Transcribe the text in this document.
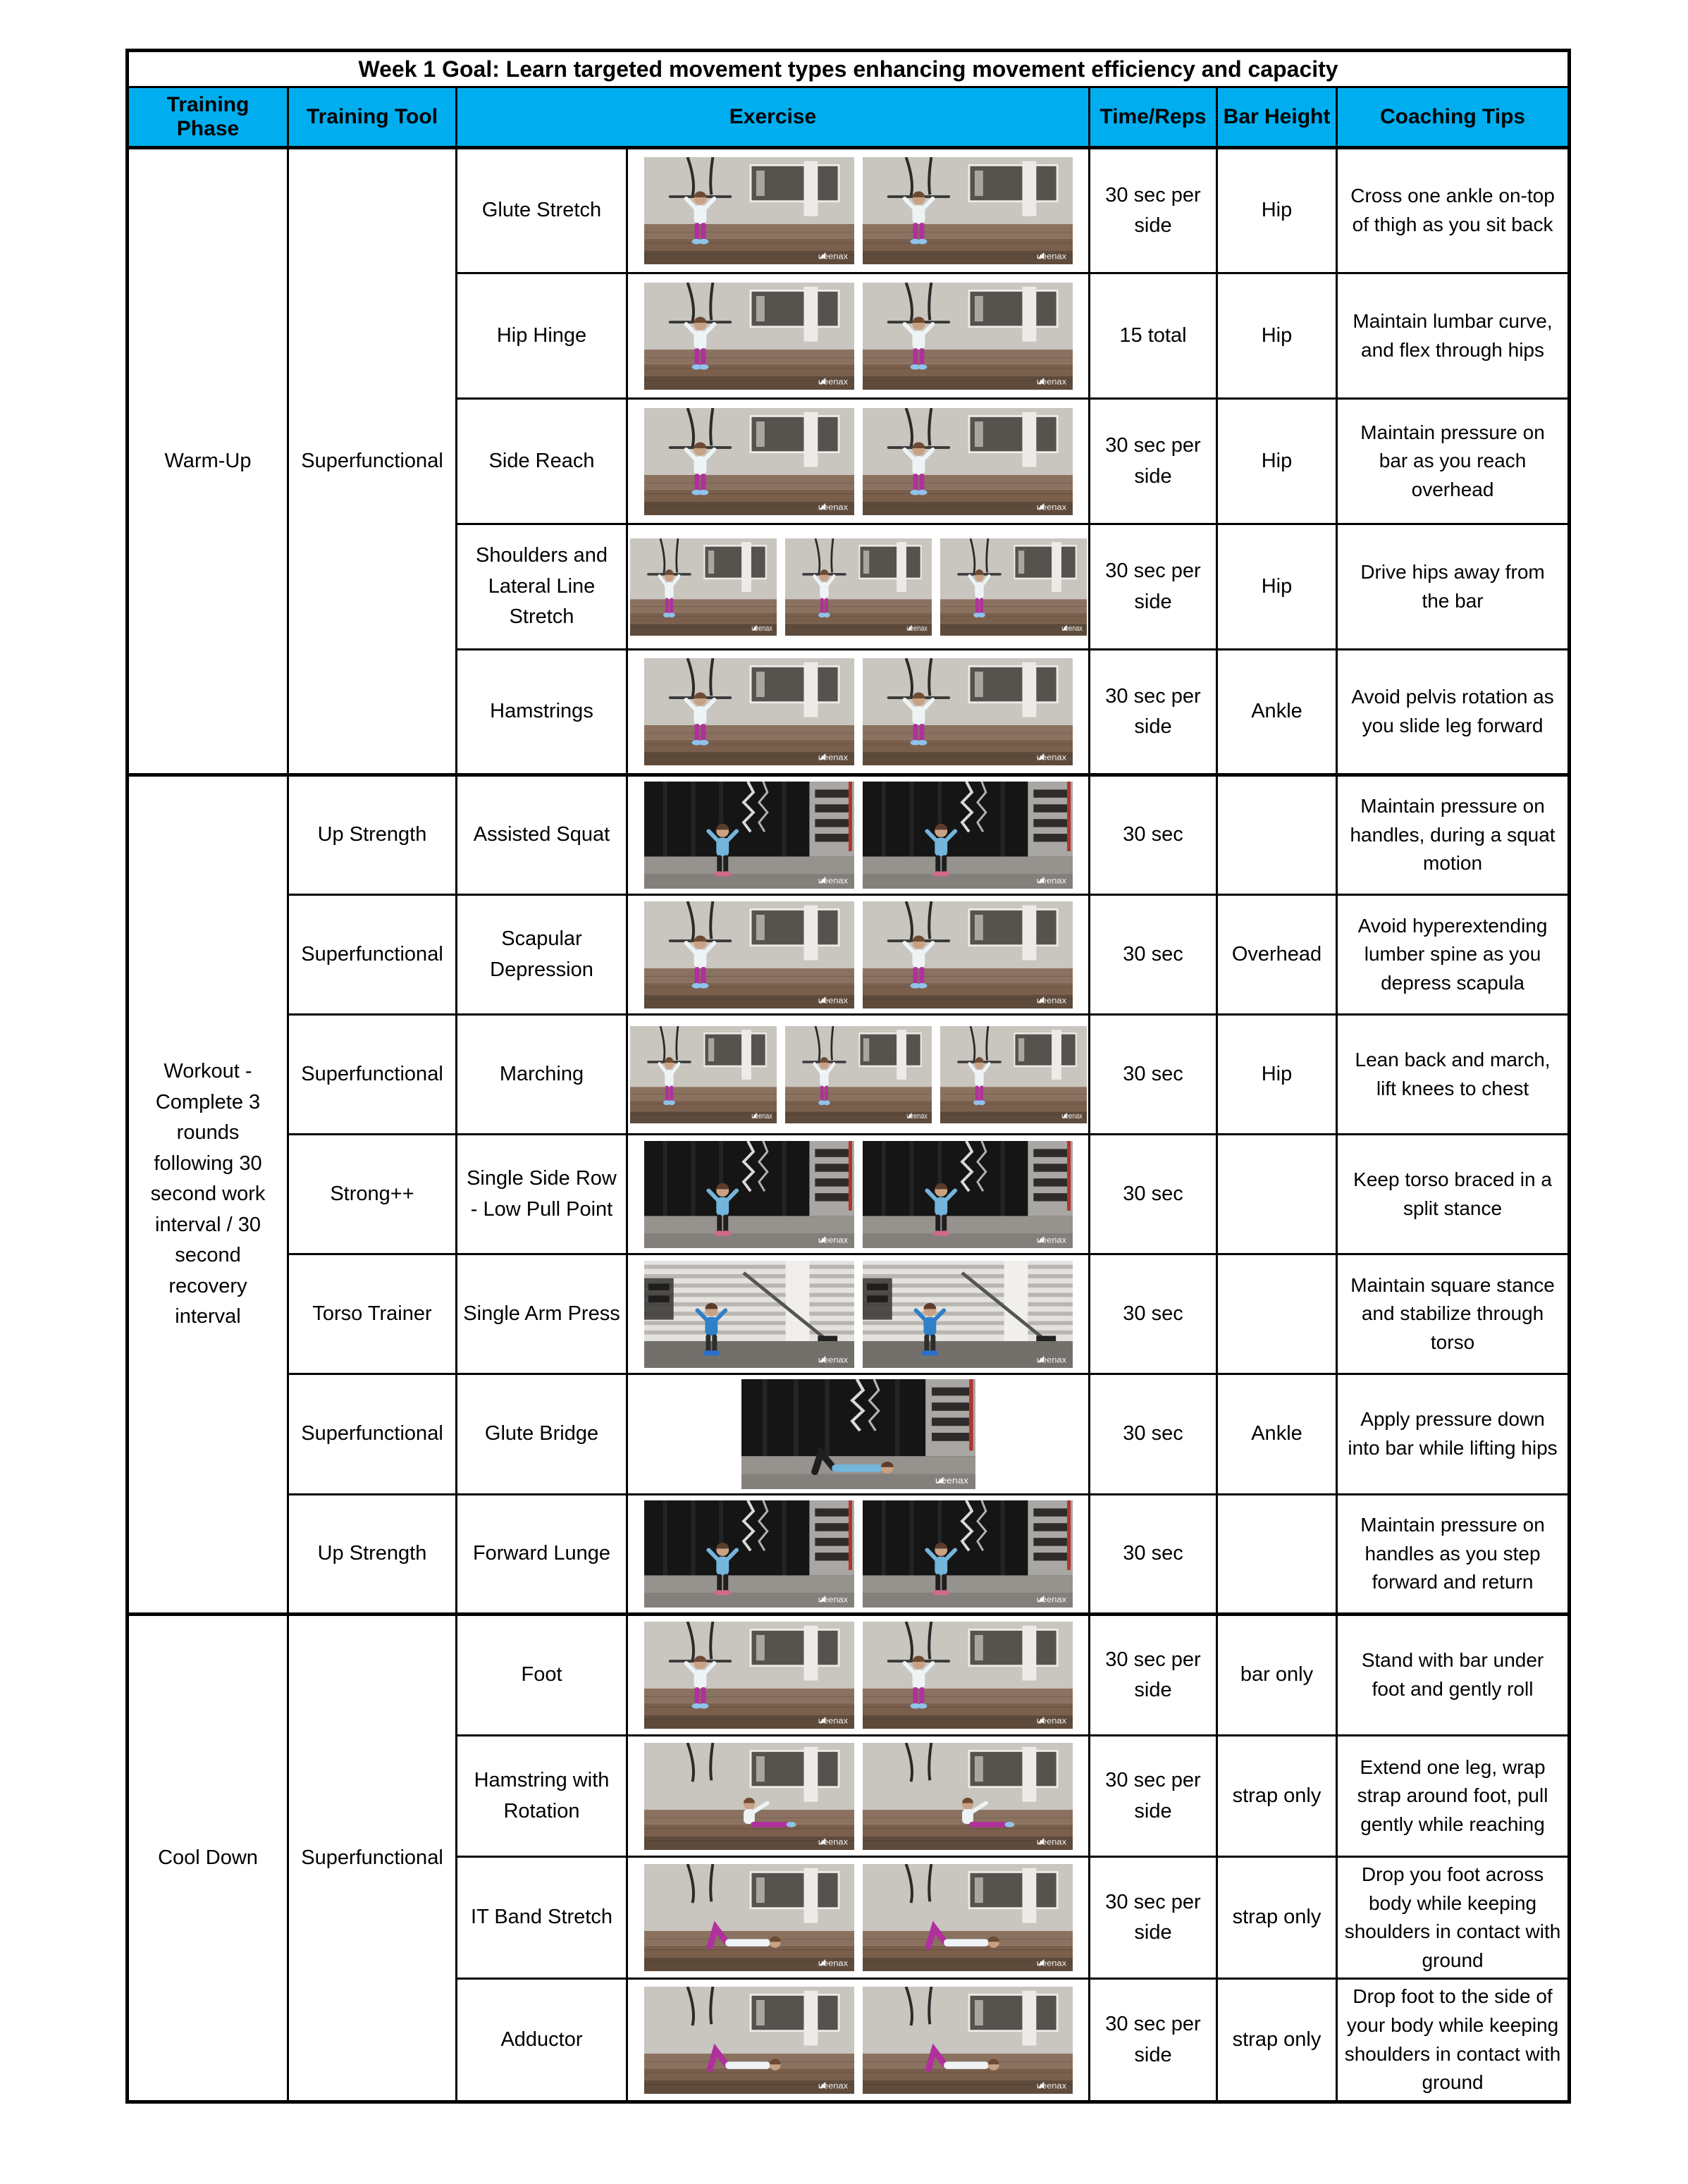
Week 1 Goal: Learn targeted movement types enhancing movement efficiency and capacity						
Training Phase	Training Tool	Exercise		Time/Reps	Bar Height	Coaching Tips
Warm-Up	Superfunctional	Glute Stretch	ueenax ueenax	30 sec per side	Hip	Cross one ankle on-top of thigh as you sit back
		Hip Hinge	ueenax ueenax	15 total	Hip	Maintain lumbar curve, and flex through hips
		Side Reach	ueenax ueenax	30 sec per side	Hip	Maintain pressure on bar as you reach overhead
		Shoulders and Lateral Line Stretch	ueenax ueenax ueenax	30 sec per side	Hip	Drive hips away from the bar
		Hamstrings	ueenax ueenax	30 sec per side	Ankle	Avoid pelvis rotation as you slide leg forward
Workout - Complete 3 rounds following 30 second work interval / 30 second recovery interval	Up Strength	Assisted Squat	ueenax ueenax	30 sec		Maintain pressure on handles, during a squat motion
	Superfunctional	Scapular Depression	ueenax ueenax	30 sec	Overhead	Avoid hyperextending lumber spine as you depress scapula
	Superfunctional	Marching	ueenax ueenax ueenax	30 sec	Hip	Lean back and march, lift knees to chest
	Strong++	Single Side Row - Low Pull Point	ueenax ueenax	30 sec		Keep torso braced in a split stance
	Torso Trainer	Single Arm Press	ueenax ueenax	30 sec		Maintain square stance and stabilize through torso
	Superfunctional	Glute Bridge	ueenax	30 sec	Ankle	Apply pressure down into bar while lifting hips
	Up Strength	Forward Lunge	ueenax ueenax	30 sec		Maintain pressure on handles as you step forward and return
Cool Down	Superfunctional	Foot	ueenax ueenax	30 sec per side	bar only	Stand with bar under foot and gently roll
		Hamstring with Rotation	ueenax ueenax	30 sec per side	strap only	Extend one leg, wrap strap around foot, pull gently while reaching
		IT Band Stretch	ueenax ueenax	30 sec per side	strap only	Drop you foot across body while keeping shoulders in contact with ground
		Adductor	ueenax ueenax	30 sec per side	strap only	Drop foot to the side of your body while keeping shoulders in contact with ground
